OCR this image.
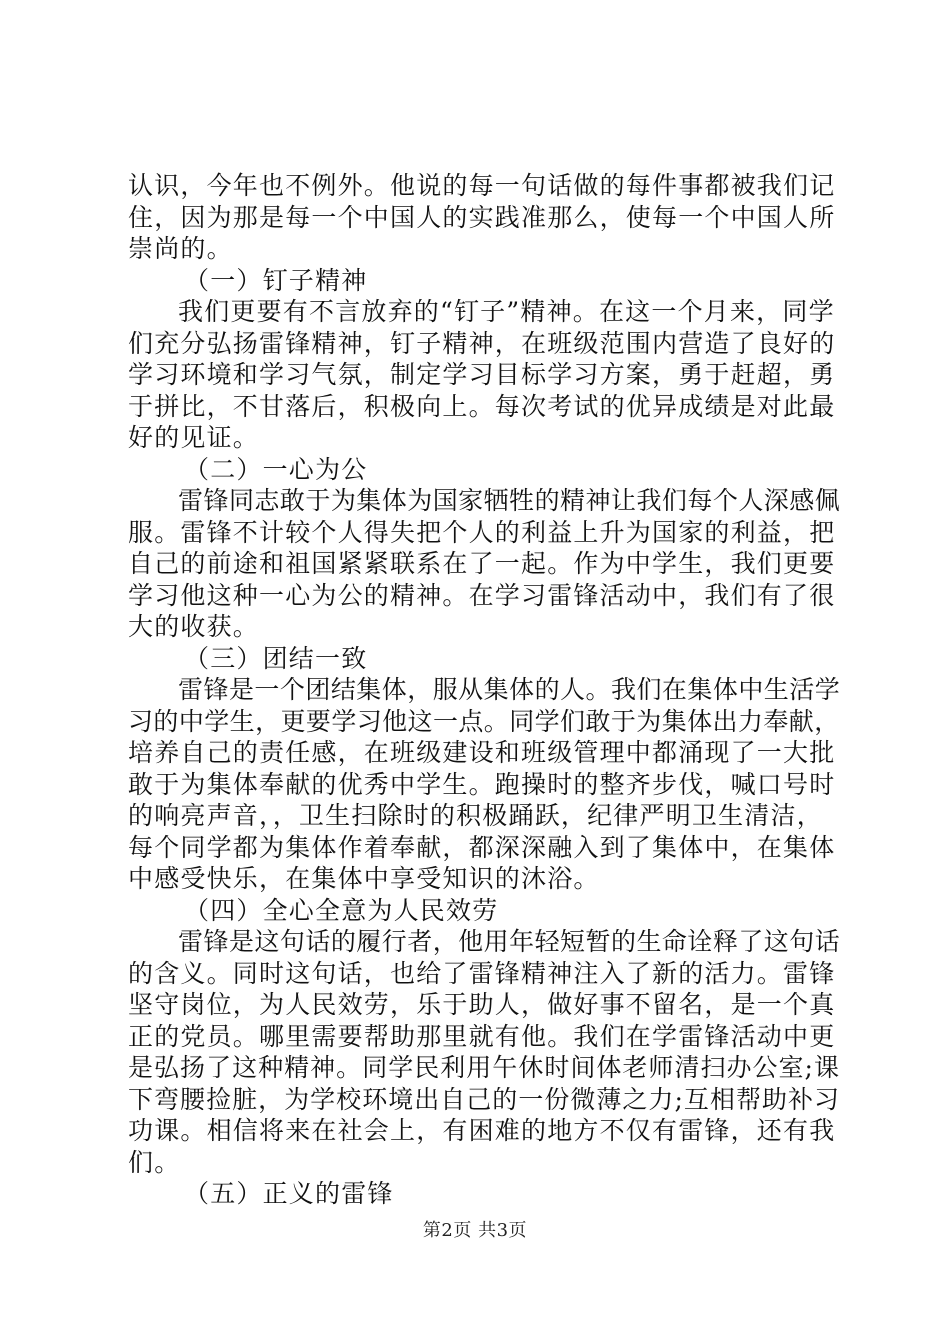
认识，今年也不例外。他说的每一句话做的每件事都被我们记
住，因为那是每一个中国人的实践准那么，使每一个中国人所
崇尚的。
（一）钉子精神
我们更要有不言放弃的“钉子”精神。在这一个月来，同学
们充分弘扬雷锋精神，钉子精神，在班级范围内营造了良好的
学习环境和学习气氛，制定学习目标学习方案，勇于赶超，勇
于拼比，不甘落后，积极向上。每次考试的优异成绩是对此最
好的见证。
（二）一心为公
雷锋同志敢于为集体为国家牺牲的精神让我们每个人深感佩
服。雷锋不计较个人得失把个人的利益上升为国家的利益，把
自己的前途和祖国紧紧联系在了一起。作为中学生，我们更要
学习他这种一心为公的精神。在学习雷锋活动中，我们有了很
大的收获。
（三）团结一致
雷锋是一个团结集体，服从集体的人。我们在集体中生活学
习的中学生，更要学习他这一点。同学们敢于为集体出力奉献，
培养自己的责任感，在班级建设和班级管理中都涌现了一大批
敢于为集体奉献的优秀中学生。跑操时的整齐步伐，喊口号时
的响亮声音，，卫生扫除时的积极踊跃，纪律严明卫生清洁，
每个同学都为集体作着奉献，都深深融入到了集体中，在集体
中感受快乐，在集体中享受知识的沐浴。
（四）全心全意为人民效劳
雷锋是这句话的履行者，他用年轻短暂的生命诠释了这句话
的含义。同时这句话，也给了雷锋精神注入了新的活力。雷锋
坚守岗位，为人民效劳，乐于助人，做好事不留名，是一个真
正的党员。哪里需要帮助那里就有他。我们在学雷锋活动中更
是弘扬了这种精神。同学民利用午休时间体老师清扫办公室;课
下弯腰捡脏，为学校环境出自己的一份微薄之力;互相帮助补习
功课。相信将来在社会上，有困难的地方不仅有雷锋，还有我
们。
（五）正义的雷锋
第2页 共3页
